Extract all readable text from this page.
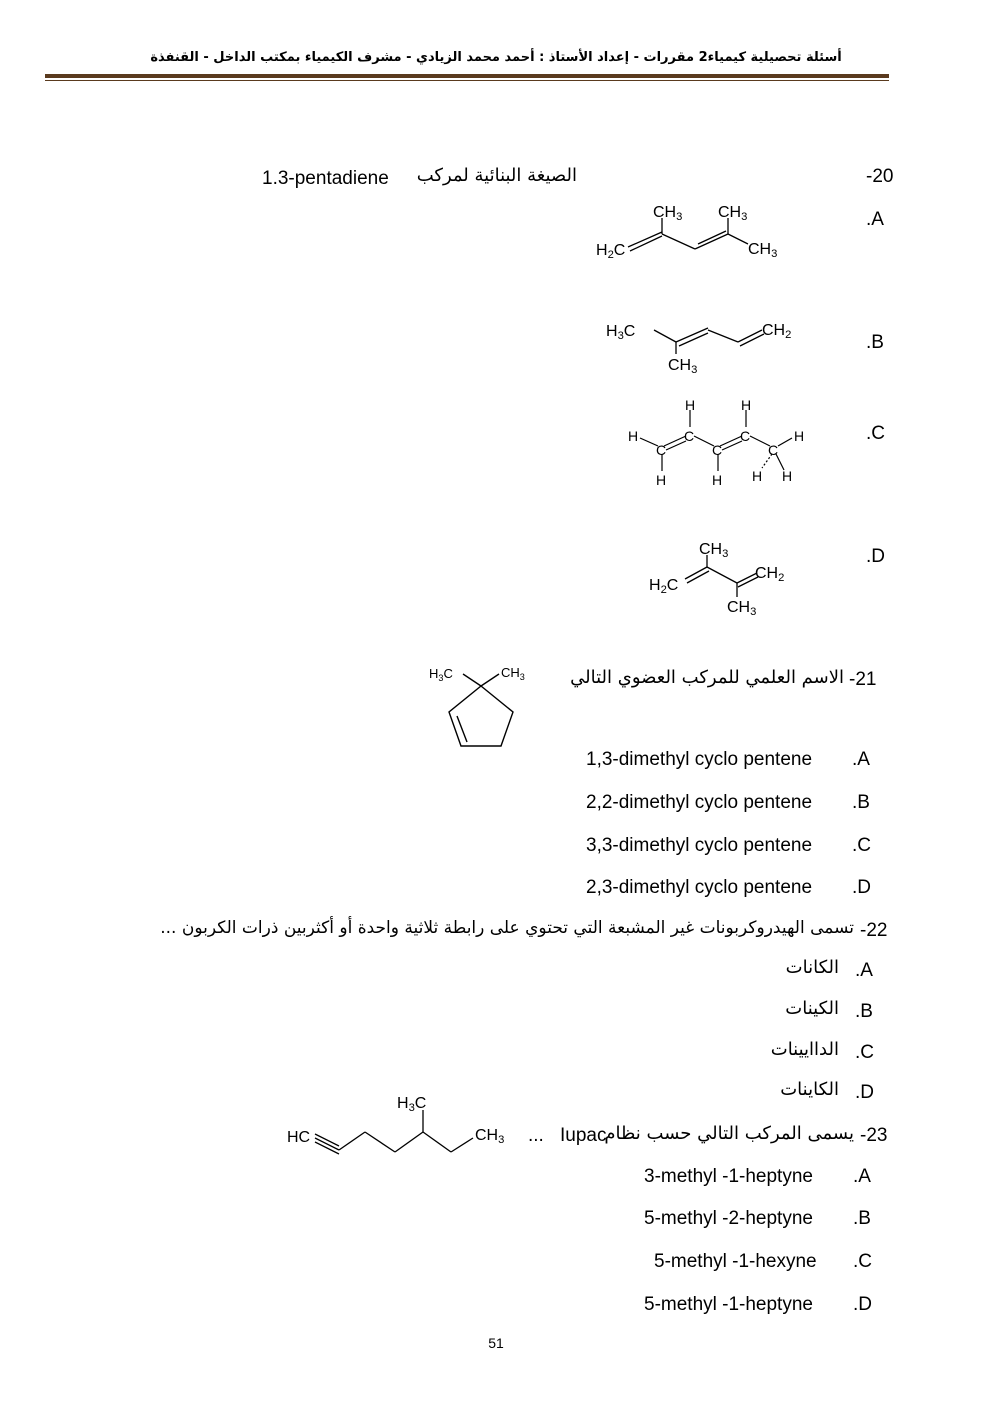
أسئلة تحصيلية كيمياء2 مقررات - إعداد الأستاذ : أحمد محمد الزيادي - مشرف الكيمياء بمكتب الداخل - القنفذة
-20
الصيغة البنائية لمركب
1.3-pentadiene
.A
CH3 CH3
H2C	CH3
.B
H3C	CH2
CH3
.C
H	H
H	C	C
C	C	C
H
H	H H H
.D
CH3
H2C
CH2
CH3
-21
الاسم العلمي للمركب العضوي التالي
$H_3C$	$CH_3$
1,3-dimethyl cyclo pentene .A
2,2-dimethyl cyclo pentene .B
3,3-dimethyl cyclo pentene .C
2,3-dimethyl cyclo pentene .D
-22
تسمى الهيدروكربونات غير المشبعة التي تحتوي على رابطة ثلاثية واحدة أو أكثربين ذرات الكربون ...
.A
الكانات
.B
الكينات
.C
الداايينات
.D
الكاينات
-23
يسمى المركب التالي حسب نظام
Iupac
...
H3C
HC	CH3
3-methyl -1-heptyne .A
5-methyl -2-heptyne .B
5-methyl -1-hexyne .C
5-methyl -1-heptyne .D
51
